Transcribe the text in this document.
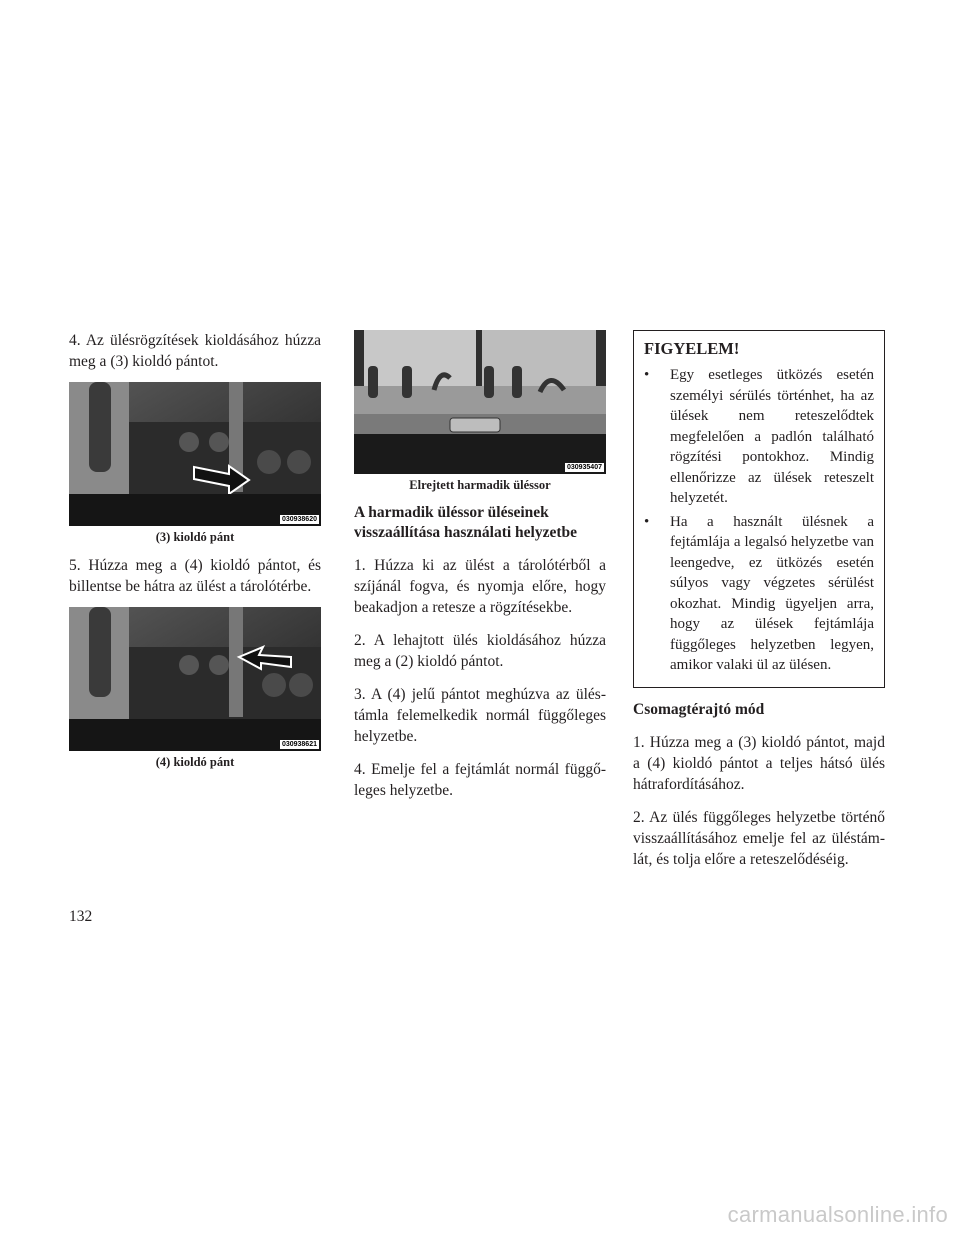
4. Az ülésrögzítések kioldásához húzza meg a (3) kioldó pántot.

030938620
(3) kioldó pánt

5. Húzza meg a (4) kioldó pántot, és billentse be hátra az ülést a tárolótérbe.

030938621
(4) kioldó pánt
030935407
Elrejtett harmadik üléssor
A harmadik üléssor üléseinek
visszaállítása használati helyzetbe

1. Húzza ki az ülést a tárolótérből a szíjánál fogva, és nyomja előre, hogy beakadjon a retesze a rögzítésekbe.

2. A lehajtott ülés kioldásához húzza meg a (2) kioldó pántot.

3. A (4) jelű pántot meghúzva az üléstámla felemelkedik normál függőleges helyzetbe.

4. Emelje fel a fejtámlát normál függőleges helyzetbe.

FIGYELEM!
•	Egy esetleges ütközés esetén személyi sérülés történhet, ha az ülések nem reteszelődtek megfelelően a padlón található rögzítési pontokhoz. Mindig ellenőrizze az ülések reteszelt helyzetét.
•	Ha a használt ülésnek a fejtámlája a legalsó helyzetbe van leengedve, ez ütközés esetén súlyos vagy végzetes sérülést okozhat. Mindig ügyeljen arra, hogy az ülések fejtámlája függőleges helyzetben legyen, amikor valaki ül az ülésen.
Csomagtérajtó mód

1. Húzza meg a (3) kioldó pántot, majd a (4) kioldó pántot a teljes hátsó ülés hátrafordításához.

2. Az ülés függőleges helyzetbe történő visszaállításához emelje fel az üléstámlát, és tolja előre a reteszelődéséig.

132
carmanualsonline.info
